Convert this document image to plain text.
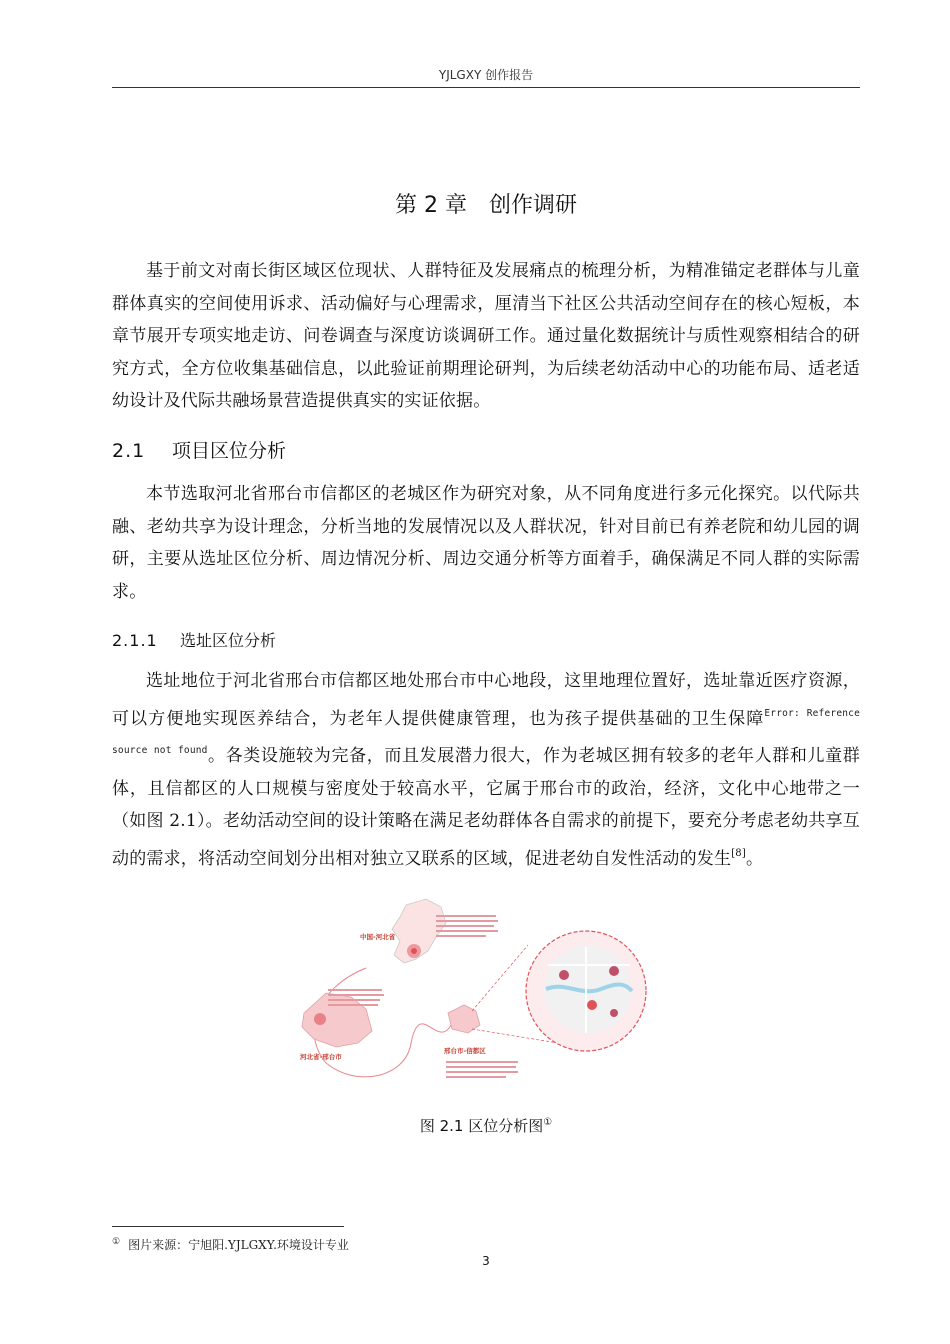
YJLGXY 创作报告
第 2 章 创作调研

基于前文对南长街区域区位现状、人群特征及发展痛点的梳理分析，为精准锚定老群体与儿童群体真实的空间使用诉求、活动偏好与心理需求，厘清当下社区公共活动空间存在的核心短板，本章节展开专项实地走访、问卷调查与深度访谈调研工作。通过量化数据统计与质性观察相结合的研究方式，全方位收集基础信息，以此验证前期理论研判，为后续老幼活动中心的功能布局、适老适幼设计及代际共融场景营造提供真实的实证依据。

2.1 项目区位分析

本节选取河北省邢台市信都区的老城区作为研究对象，从不同角度进行多元化探究。以代际共融、老幼共享为设计理念，分析当地的发展情况以及人群状况，针对目前已有养老院和幼儿园的调研，主要从选址区位分析、周边情况分析、周边交通分析等方面着手，确保满足不同人群的实际需求。

2.1.1 选址区位分析

选址地位于河北省邢台市信都区地处邢台市中心地段，这里地理位置好，选址靠近医疗资源，可以方便地实现医养结合，为老年人提供健康管理，也为孩子提供基础的卫生保障$^{Error: Reference source not found}$。各类设施较为完备，而且发展潜力很大，作为老城区拥有较多的老年人群和儿童群体，且信都区的人口规模与密度处于较高水平，它属于邢台市的政治，经济，文化中心地带之一（如图 2.1）。老幼活动空间的设计策略在满足老幼群体各自需求的前提下，要充分考虑老幼共享互动的需求，将活动空间划分出相对独立又联系的区域，促进老幼自发性活动的发生[8]。

中国-河北省
河北省-邢台市
邢台市-信都区
图 2.1 区位分析图①
① 图片来源：宁旭阳.YJLGXY.环境设计专业
3
